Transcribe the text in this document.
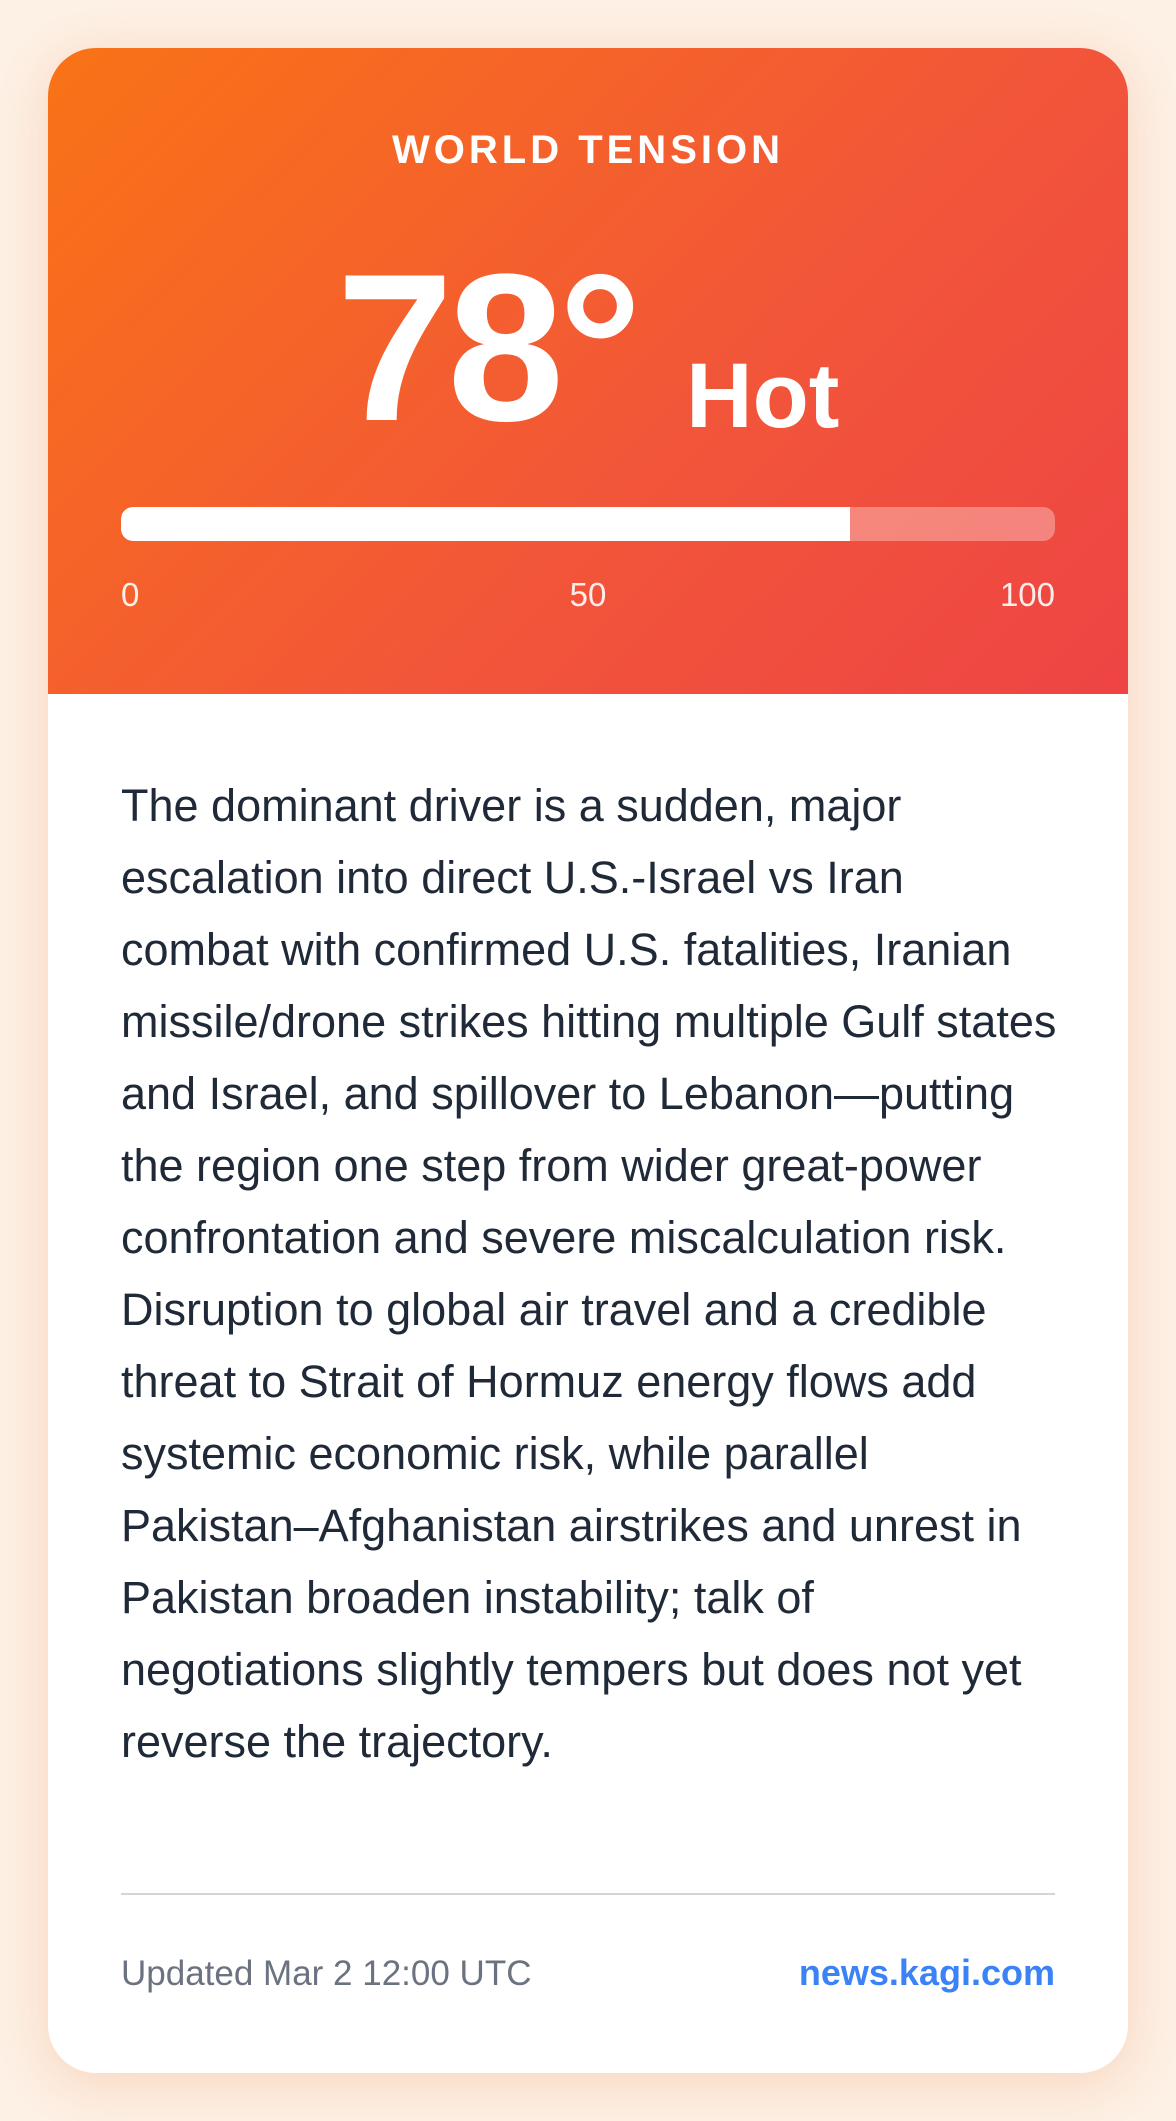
WORLD TENSION
78° Hot
0	50	100

The dominant driver is a sudden, major escalation into direct U.S.-Israel vs Iran combat with confirmed U.S. fatalities, Iranian missile/drone strikes hitting multiple Gulf states and Israel, and spillover to Lebanon—putting the region one step from wider great-power confrontation and severe miscalculation risk. Disruption to global air travel and a credible threat to Strait of Hormuz energy flows add systemic economic risk, while parallel Pakistan–Afghanistan airstrikes and unrest in Pakistan broaden instability; talk of negotiations slightly tempers but does not yet reverse the trajectory.

Updated Mar 2 12:00 UTC	news.kagi.com
